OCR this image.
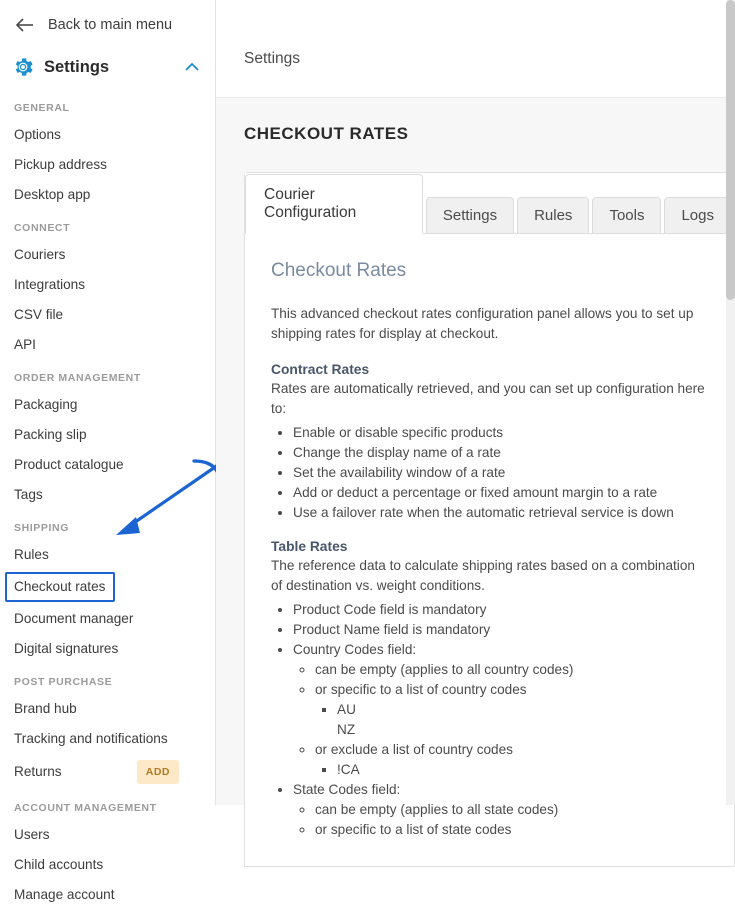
Back to main menu
Settings
GENERAL
Options
Pickup address
Desktop app
CONNECT
Couriers
Integrations
CSV file
API
ORDER MANAGEMENT
Packaging
Packing slip
Product catalogue
Tags
SHIPPING
Rules
Checkout rates
Document manager
Digital signatures
POST PURCHASE
Brand hub
Tracking and notifications
Returns	ADD
ACCOUNT MANAGEMENT
Users
Child accounts
Manage account
Settings
CHECKOUT RATES
Courier Configuration	Settings	Rules	Tools	Logs
Checkout Rates

This advanced checkout rates configuration panel allows you to set up shipping rates for display at checkout.

Contract Rates

Rates are automatically retrieved, and you can set up configuration here to:

• Enable or disable specific products
• Change the display name of a rate
• Set the availability window of a rate
• Add or deduct a percentage or fixed amount margin to a rate
• Use a failover rate when the automatic retrieval service is down
Table Rates

The reference data to calculate shipping rates based on a combination of destination vs. weight conditions.

• Product Code field is mandatory
• Product Name field is mandatory
• Country Codes field:
◦ can be empty (applies to all country codes)
◦ or specific to a list of country codes
▪ AU
NZ
◦ or exclude a list of country codes
▪ !CA
• State Codes field:
◦ can be empty (applies to all state codes)
◦ or specific to a list of state codes
